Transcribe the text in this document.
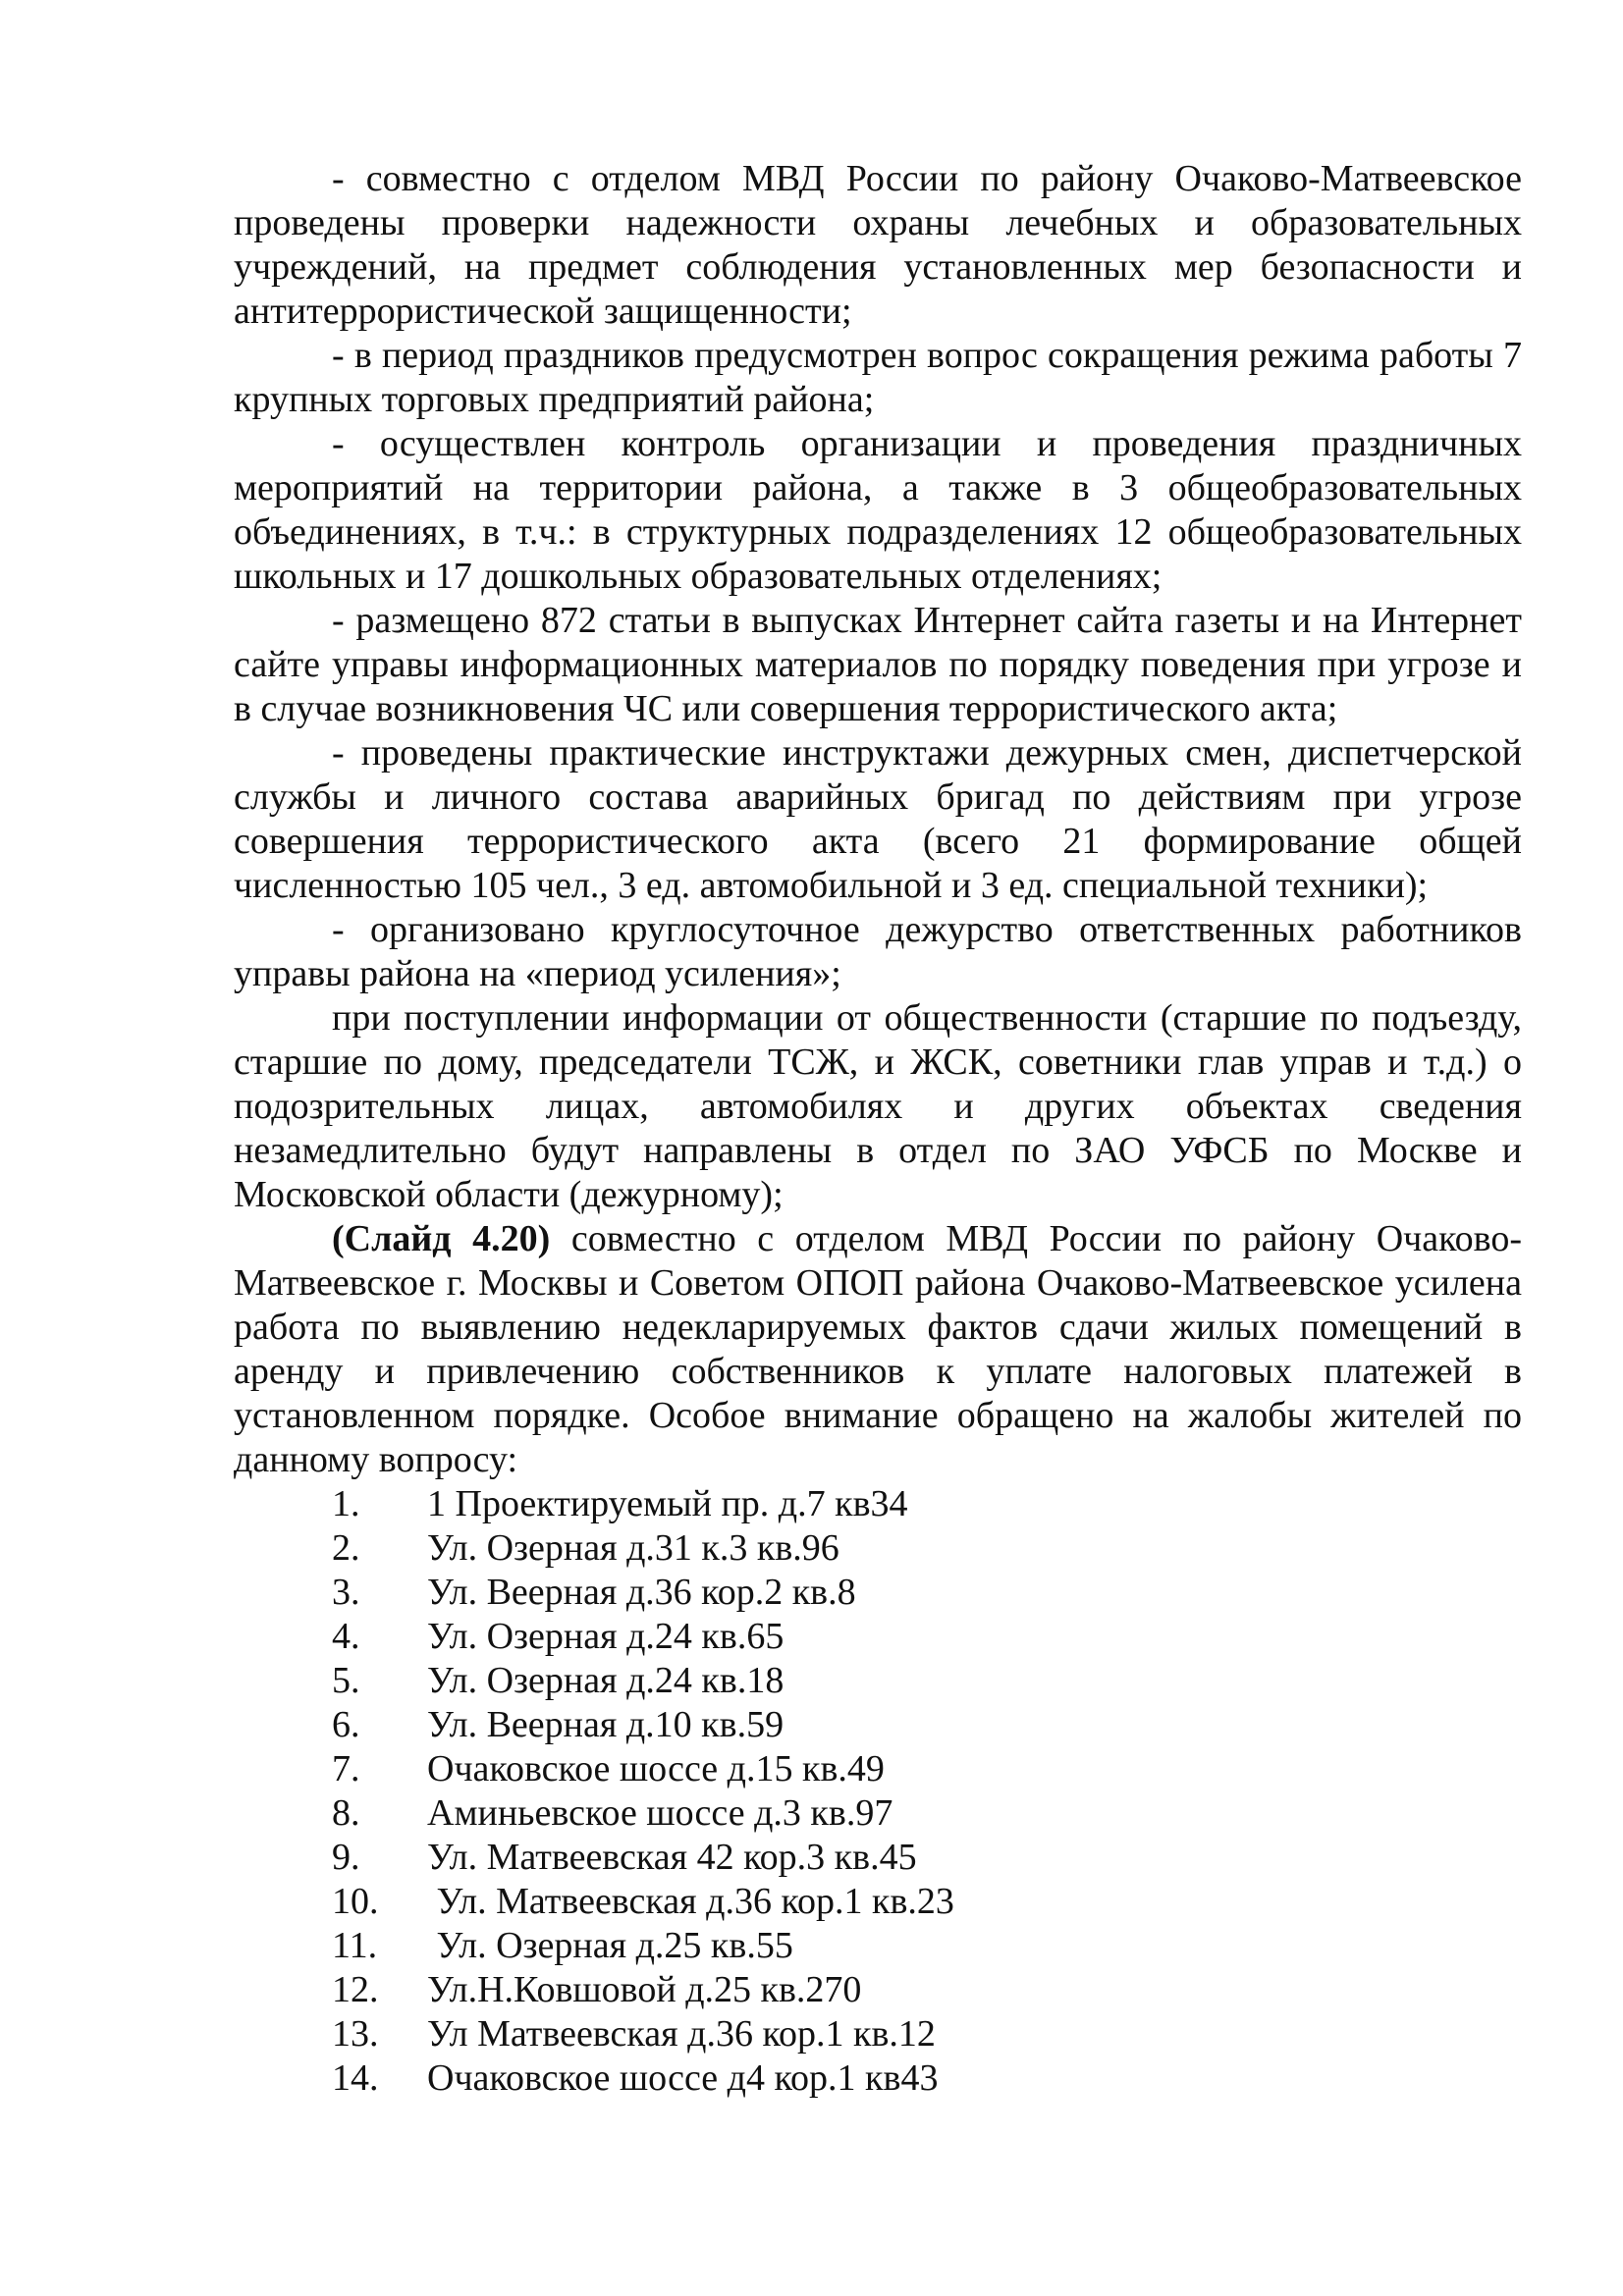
- совместно с отделом МВД России по району Очаково-Матвеевское проведены проверки надежности охраны лечебных и образовательных учреждений, на предмет соблюдения установленных мер безопасности и антитеррористической защищенности;

- в период праздников предусмотрен вопрос сокращения режима работы 7 крупных торговых предприятий района;

- осуществлен контроль организации и проведения праздничных мероприятий на территории района, а также в 3 общеобразовательных объединениях, в т.ч.: в структурных подразделениях 12 общеобразовательных школьных и 17 дошкольных образовательных отделениях;

- размещено 872 статьи в выпусках Интернет сайта газеты и на Интернет сайте управы информационных материалов по порядку поведения при угрозе и в случае возникновения ЧС или совершения террористического акта;

- проведены практические инструктажи дежурных смен, диспетчерской службы и личного состава аварийных бригад по действиям при угрозе совершения террористического акта (всего 21 формирование общей численностью 105 чел., 3 ед. автомобильной и 3 ед. специальной техники);

- организовано круглосуточное дежурство ответственных работников управы района на «период усиления»;

при поступлении информации от общественности (старшие по подъезду, старшие по дому, председатели ТСЖ, и ЖСК, советники глав управ и т.д.) о подозрительных лицах, автомобилях и других объектах сведения незамедлительно будут направлены в отдел по ЗАО УФСБ по Москве и Московской области (дежурному);

(Слайд 4.20) совместно с отделом МВД России по району Очаково-Матвеевское г. Москвы и Советом ОПОП района Очаково-Матвеевское усилена работа по выявлению недекларируемых фактов сдачи жилых помещений в аренду и привлечению собственников к уплате налоговых платежей в установленном порядке. Особое внимание обращено на жалобы жителей по данному вопросу:

1. 1 Проектируемый пр. д.7 кв34
2. Ул. Озерная д.31 к.3 кв.96
3. Ул. Веерная д.36 кор.2 кв.8
4. Ул. Озерная д.24 кв.65
5. Ул. Озерная д.24 кв.18
6. Ул. Веерная д.10 кв.59
7. Очаковское шоссе д.15 кв.49
8. Аминьевское шоссе д.3 кв.97
9. Ул. Матвеевская 42 кор.3 кв.45
10. Ул. Матвеевская д.36 кор.1 кв.23
11. Ул. Озерная д.25 кв.55
12. Ул.Н.Ковшовой д.25 кв.270
13. Ул Матвеевская д.36 кор.1 кв.12
14. Очаковское шоссе д4 кор.1 кв43
